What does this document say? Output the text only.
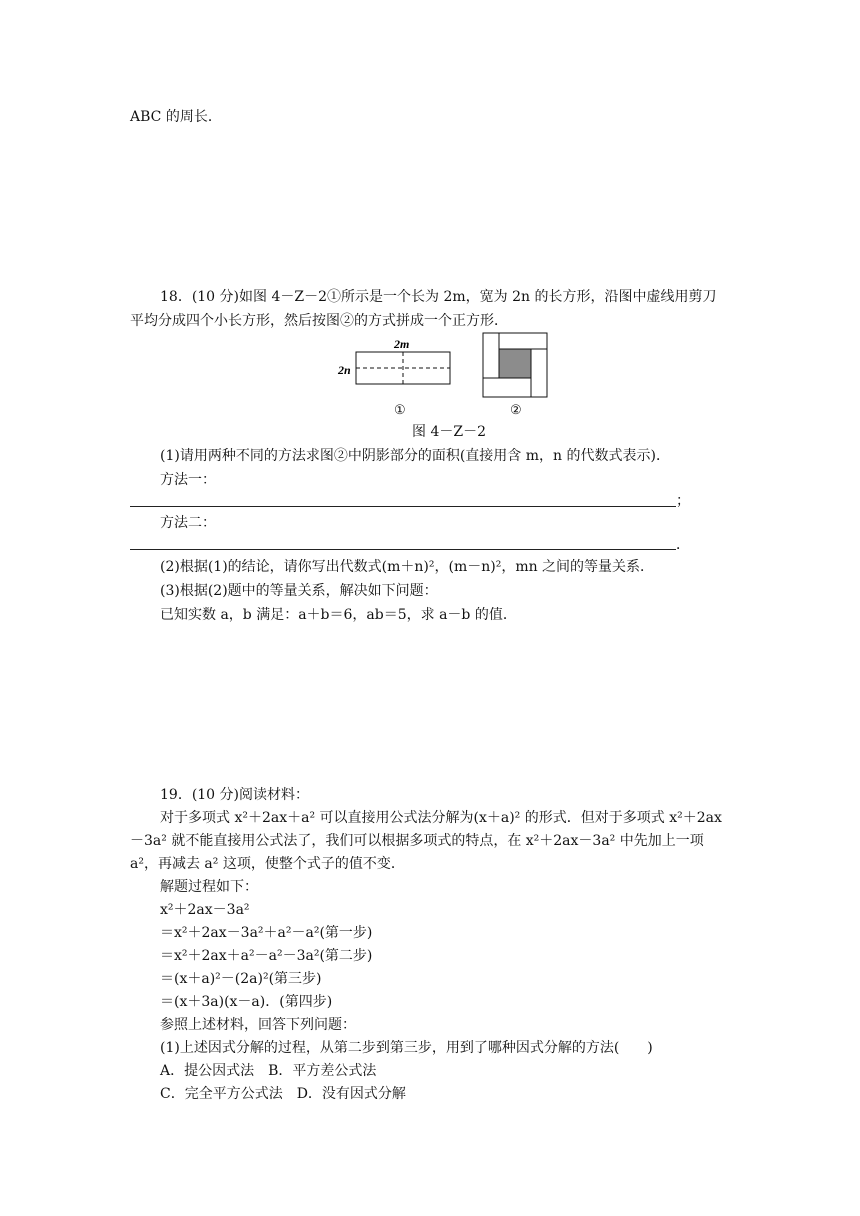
ABC 的周长．
18．(10 分)如图 4－Z－2①所示是一个长为 2m，宽为 2n 的长方形，沿图中虚线用剪刀
平均分成四个小长方形，然后按图②的方式拼成一个正方形．
2m
2n
①	②
图 4－Z－2
(1)请用两种不同的方法求图②中阴影部分的面积(直接用含 m，n 的代数式表示)．
方法一：
；
方法二：
．
(2)根据(1)的结论，请你写出代数式(m＋n)²，(m－n)²，mn 之间的等量关系．
(3)根据(2)题中的等量关系，解决如下问题：
已知实数 a，b 满足：a＋b＝6，ab＝5，求 a－b 的值．
19．(10 分)阅读材料：
对于多项式 x²＋2ax＋a² 可以直接用公式法分解为(x＋a)² 的形式．但对于多项式 x²＋2ax
－3a² 就不能直接用公式法了，我们可以根据多项式的特点，在 x²＋2ax－3a² 中先加上一项
a²，再减去 a² 这项，使整个式子的值不变．
解题过程如下：
x²＋2ax－3a²
＝x²＋2ax－3a²＋a²－a²(第一步)
＝x²＋2ax＋a²－a²－3a²(第二步)
＝(x＋a)²－(2a)²(第三步)
＝(x＋3a)(x－a)．(第四步)
参照上述材料，回答下列问题：
(1)上述因式分解的过程，从第二步到第三步，用到了哪种因式分解的方法(　　)
A．提公因式法　B．平方差公式法
C．完全平方公式法　D．没有因式分解
